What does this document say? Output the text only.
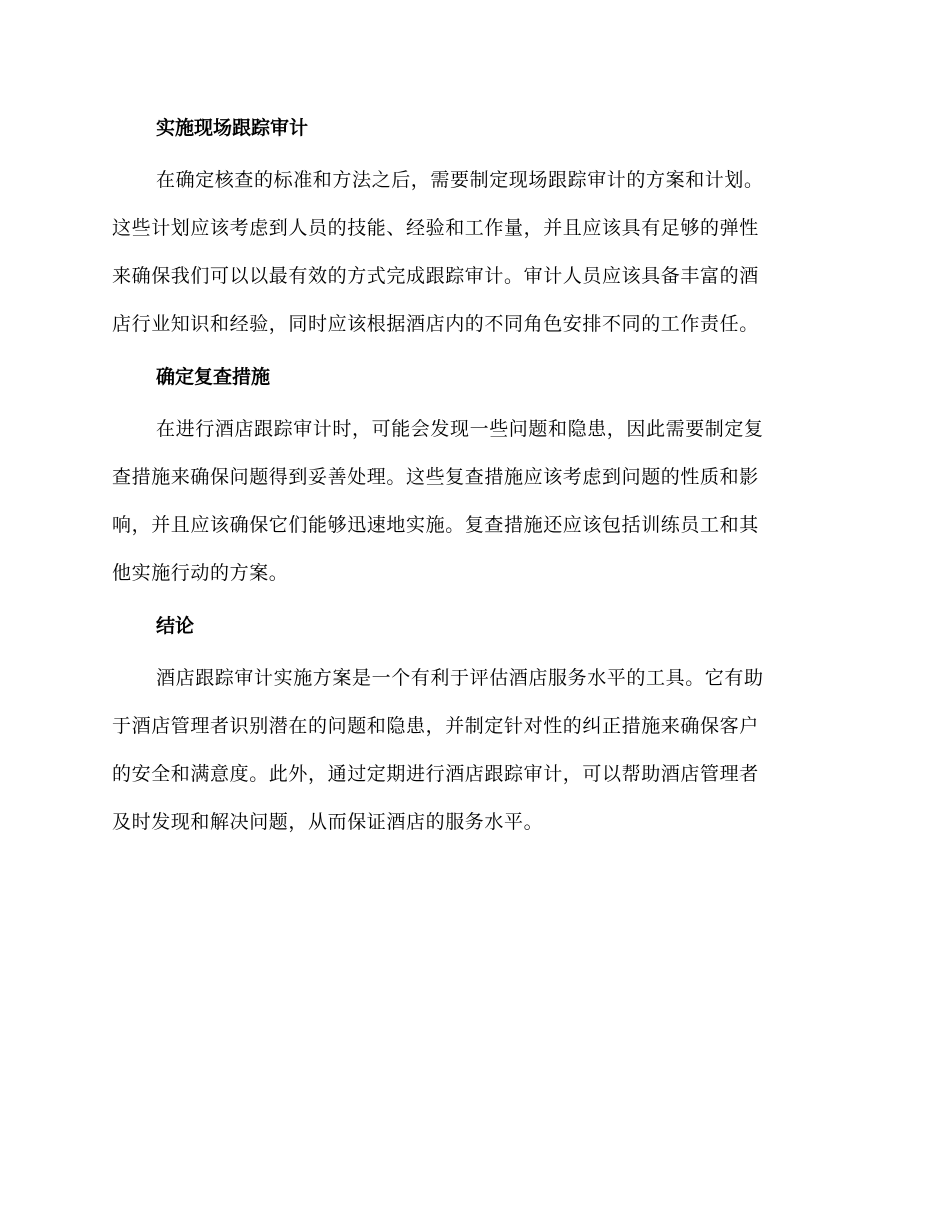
实施现场跟踪审计
在确定核查的标准和方法之后，需要制定现场跟踪审计的方案和计划。
这些计划应该考虑到人员的技能、经验和工作量，并且应该具有足够的弹性
来确保我们可以以最有效的方式完成跟踪审计。审计人员应该具备丰富的酒
店行业知识和经验，同时应该根据酒店内的不同角色安排不同的工作责任。
确定复查措施
在进行酒店跟踪审计时，可能会发现一些问题和隐患，因此需要制定复
查措施来确保问题得到妥善处理。这些复查措施应该考虑到问题的性质和影
响，并且应该确保它们能够迅速地实施。复查措施还应该包括训练员工和其
他实施行动的方案。
结论
酒店跟踪审计实施方案是一个有利于评估酒店服务水平的工具。它有助
于酒店管理者识别潜在的问题和隐患，并制定针对性的纠正措施来确保客户
的安全和满意度。此外，通过定期进行酒店跟踪审计，可以帮助酒店管理者
及时发现和解决问题，从而保证酒店的服务水平。
